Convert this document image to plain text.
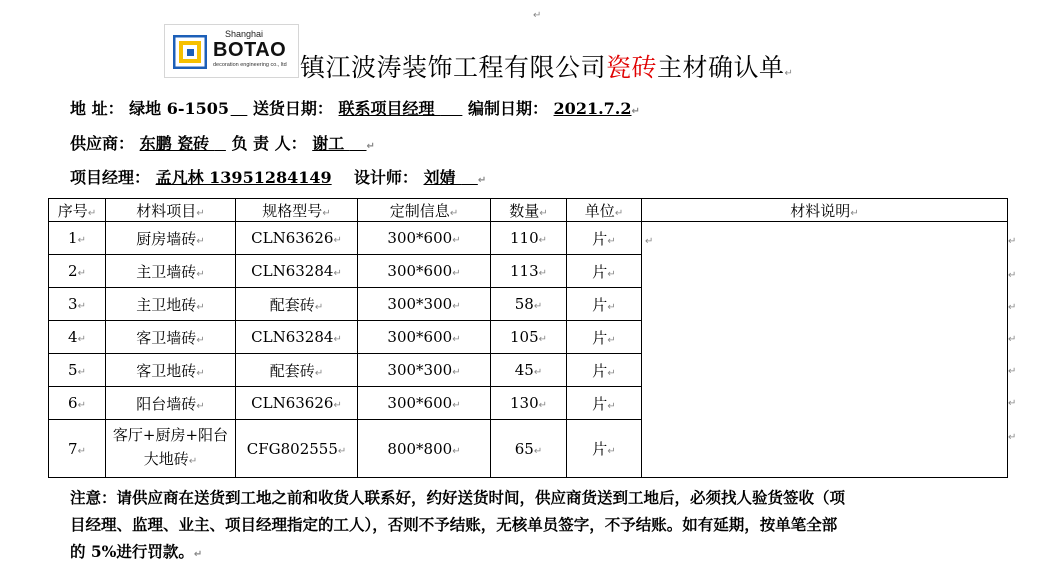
↵
Shanghai
BOTAO
decoration engineering co., ltd 镇江波涛装饰工程有限公司瓷砖主材确认单↵
地 址： 绿地 6-1505 送货日期： 联系项目经理      编制日期： 2021.7.2↵
供应商： 东鹏 瓷砖    负 责 人： 谢工    ↵
项目经理： 孟凡林 13951284149 设计师： 刘婧    ↵
序号↵	材料项目↵	规格型号↵	定制信息↵	数量↵	单位↵	材料说明↵
1↵	厨房墙砖↵	CLN63626↵	300*600↵	110↵	片↵	↵
2↵	主卫墙砖↵	CLN63284↵	300*600↵	113↵	片↵	
3↵	主卫地砖↵	配套砖↵	300*300↵	58↵	片↵	
4↵	客卫墙砖↵	CLN63284↵	300*600↵	105↵	片↵	
5↵	客卫地砖↵	配套砖↵	300*300↵	45↵	片↵	
6↵	阳台墙砖↵	CLN63626↵	300*600↵	130↵	片↵	
7↵	客厅+厨房+阳台大地砖↵	CFG802555↵	800*800↵	65↵	片↵	
↵
↵
↵
↵
↵
↵
↵
注意：请供应商在送货到工地之前和收货人联系好，约好送货时间，供应商货送到工地后，必须找人验货签收（项
目经理、监理、业主、项目经理指定的工人），否则不予结账，无核单员签字，不予结账。如有延期，按单笔全部
的 5%进行罚款。↵
